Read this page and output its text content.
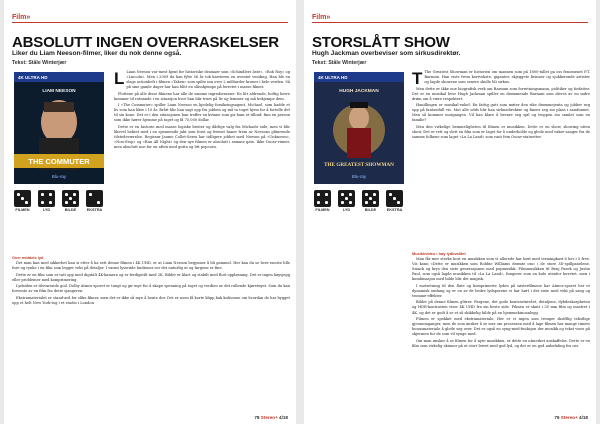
Film»
ABSOLUTT INGEN OVERRASKELSER
Liker du Liam Neeson-filmer, liker du nok denne også.
Tekst: Ståle Winterjær
4K ULTRA HD
LIAM NEESON
THE COMMUTER
Blu-ray
FILMEN	LYD	BILDE	EKSTRA

L Liam Neeson var mest kjent for historiske dramaer som «Schindlers liste», «Rob Roy» og «Lincoln». Men i 2009 da han fylte 56 år tok karrieren en uventet vending. Han ble en slags actionhelt i filmen «Taken» som spilte inn over 2 milliarder kroner i hele verden. Så på sine gamle dager har han blitt en slåsskjempe på lerretet i masse filmer.

Plottene på alle disse filmene har alle de samme ingrediensene: En litt aldrende, hoftig herre kommer til rotnande i en situasjon hvor han blir truet på liv og lemmer og må bekjempe dem.

I «The Commuter» spiller Liam Neeson en kjedelig forsikringsagent, Michael, som hadde et liv som han likte i 10 år. Brått blir han sagt opp fra jobben og må ta toget hjem for å fortelle det til sin kone. Det er i den situasjonen han treffer en kvinne som gir ham et tilbud: finn en person som ikke hører hjemme på toget og få 75.000 dollar.

Dette er en historie med masse logiske brister og dårlige valg fra Michaels side, men vi blir likevel hektet med i en spennende jakt som forst og fremst baner frem av Neesons glimrende tilstedeværelse. Regissør Jaume Collet-Serra har tidligere jobbet med Neeson på «Unknown», «Non-Stop» og «Run All Night» og den nye filmen er absolutt i samme gate. Ikke Oscar-vinner, men absolutt noe for en aften med gutta og litt popcorn.

Over middels lyd

Det man kan med sikkerhet kan si etter å ha sett denne filmen i 4K UHD, er at Liam Neeson begynner å bli gammel. Her kan du se hver eneste lille fure og rynke i en film som legger vekt på detaljer. I varmt lyserøde hudtoner ser det naturlig ut og fargene er fine.

Dette er en film som er tatt opp med digitalt 4K-kamera og er ferdigstilt med 2K. Bildet er klart og stabilt med flott oppløsning. Det er ingen høysjegg eller problemer med komprimering.

Lydsiden er tilsvarende god. Dolby Atmos-sporet er tungt og gir mye for å skape spenning på toget og verdien av det rullende kjøretøyet. Som du kan forvente av en film fra dette sjangeren.

Ekstramaterialet er stand-ard for slike filmer, men det er ikke så mye å hente der. Det er noen få korte klipp bak kulissene om hvordan de har bygget opp et helt New York-tog i et studio i London.

78 Stereo+ 4/18
Film»
STORSLÅTT SHOW
Hugh Jackman overbeviser som sirkusdirektør.
Tekst: Ståle Winterjær
4K ULTRA HD
HUGH JACKMAN
THE GREATEST SHOWMAN
Blu-ray
FILMEN	LYD	BILDE	EKSTRA

T The Greatest Showman er historien om mannen som på 1800-tallet ga oss fenomenet P.T. Barnum. Han viste frem kortvokste, giganter, skjeggete kvinner og sjokkerende artister og lagde showene som senere skulle bli sirkus.

Men dette er ikke noe biografisk verk om Barnum som forretningsmann, politiker og forfatter. Det er en musikal hvor Hugh Jackman spiller en drømmende Barnum som drives av en indre drøm om å være respektert.

Handlingen er musikal-enkel: En fattig gutt som møter den rike drømmejenta og jobber seg opp på fantasifull vis. Mot alle odds blir han sirkusdirektør og finner seg sin plass i samfunnet. Men så kommer motgangen. Vil han klare å bevare seg sjøl og troppen sin samlet som en familie?

Men den virkelige hemmeligheten til filmen er musikken. Dette er en show, showing utten show. Det er rett og slett en film som er laget for å underholde og glede med vakre sanger fra de samme folkene som laget «La La Land» som vant fem Oscar-statuetter.

Musikkvideo i høy lydkvalitet

Man får mer sterke kort en musikken som vi allerede har hørt med termingkast 6 her i 5 free. Vis konn «Dette er musikken som Robbie Williams drømte om» i de store 3D-spillpanelene. Smack og krys den siste generasjonen med popmusikk. Filmmusikken til Benj Pasek og Justin Paul, som også lagde musikken til «La La Land», fungerer som en kule utenfor lerretet, men i kombinasjon med bilde blir det magisk.

I motsetning til den flate og komprimerte lyden på søsterfilmene har Atmos-sporet her et dynamisk omfang og er en av de bedre lydsporene vi har hørt i det siste med vekt på sang og tromme-effekter.

Bildet på denne filmen glitrer. Fargene, det gode kontrastnivået, detaljene, dybdeskarpheten og HDR-kontrasten viser 4K UHD fra sin beste side. Filmen er skutt i 35 mm film og mastret i 4K, og det er godt å se et så skikkelig bilde på en hjemmekinoanlegg.

Filmen er spekket med ekstramateriale. Her er vi ingen som trenger skriftlig tekstlige gjennomganger, men de som ønsker å se mer om prosessen med å lage filmen har mange timers bonusmateriale å glede seg over. Det er også en syng-med-funksjon der musikk og tekst vises på skjermen for de som vil synge med.

Om man ønsker å se filmen for å nyte musikken, er dette en utmerket anskaffelse. Dette er en film som virkelig skinner på et stort lerret med god lyd, og det er en god anbefaling fra oss.

79 Stereo+ 4/18
